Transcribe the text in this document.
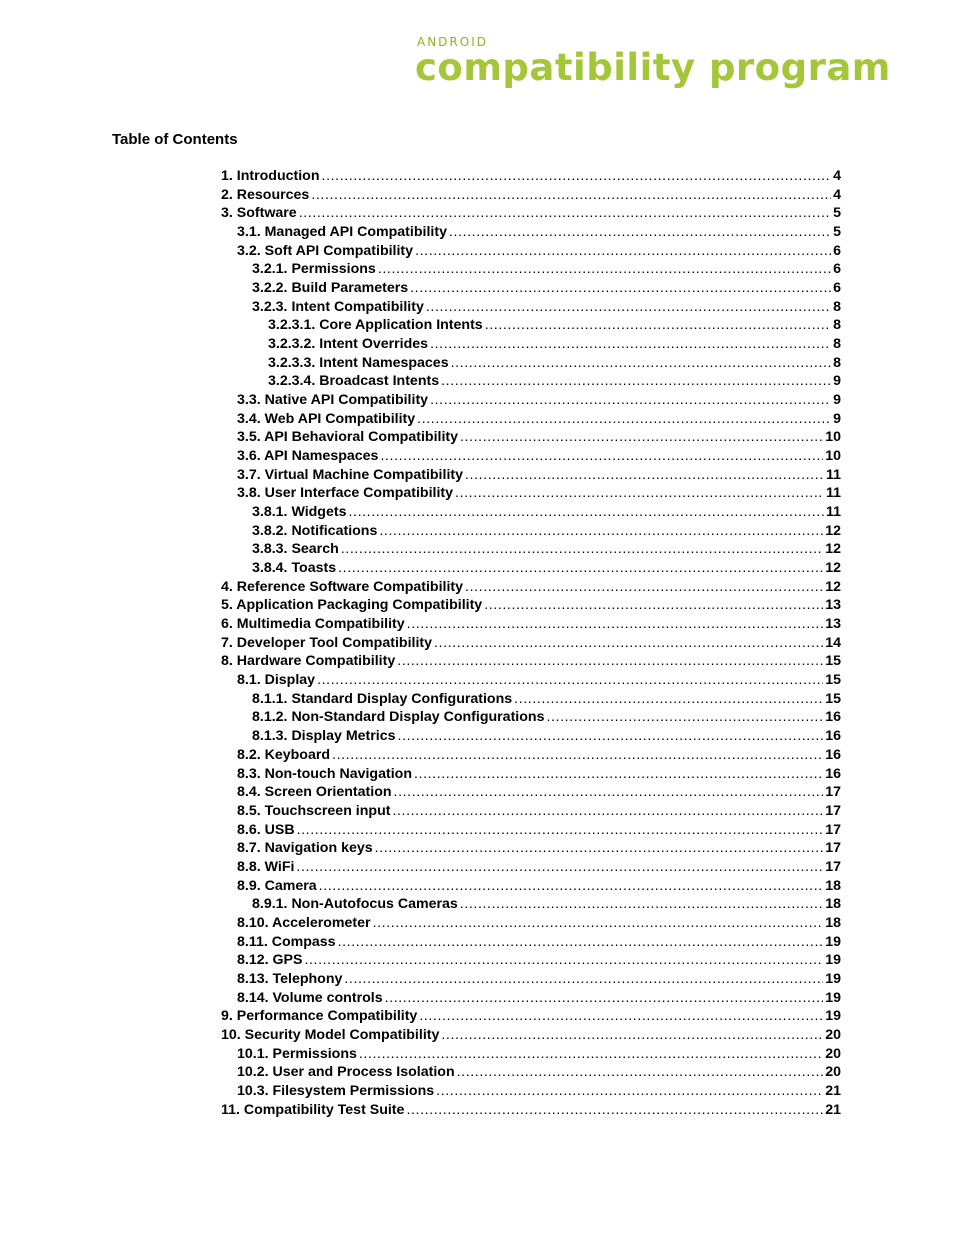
ANDROID
compatibility program
Table of Contents
1. Introduction .....	4
2. Resources .....	4
3. Software .....	5
3.1. Managed API Compatibility .....	5
3.2. Soft API Compatibility .....	6
3.2.1. Permissions .....	6
3.2.2. Build Parameters .....	6
3.2.3. Intent Compatibility .....	8
3.2.3.1. Core Application Intents .....	8
3.2.3.2. Intent Overrides .....	8
3.2.3.3. Intent Namespaces .....	8
3.2.3.4. Broadcast Intents .....	9
3.3. Native API Compatibility .....	9
3.4. Web API Compatibility .....	9
3.5. API Behavioral Compatibility .....	10
3.6. API Namespaces .....	10
3.7. Virtual Machine Compatibility .....	11
3.8. User Interface Compatibility .....	11
3.8.1. Widgets .....	11
3.8.2. Notifications .....	12
3.8.3. Search .....	12
3.8.4. Toasts .....	12
4. Reference Software Compatibility .....	12
5. Application Packaging Compatibility .....	13
6. Multimedia Compatibility .....	13
7. Developer Tool Compatibility .....	14
8. Hardware Compatibility .....	15
8.1. Display .....	15
8.1.1. Standard Display Configurations .....	15
8.1.2. Non-Standard Display Configurations .....	16
8.1.3. Display Metrics .....	16
8.2. Keyboard .....	16
8.3. Non-touch Navigation .....	16
8.4. Screen Orientation .....	17
8.5. Touchscreen input .....	17
8.6. USB .....	17
8.7. Navigation keys .....	17
8.8. WiFi .....	17
8.9. Camera .....	18
8.9.1. Non-Autofocus Cameras .....	18
8.10. Accelerometer .....	18
8.11. Compass .....	19
8.12. GPS .....	19
8.13. Telephony .....	19
8.14. Volume controls .....	19
9. Performance Compatibility .....	19
10. Security Model Compatibility .....	20
10.1. Permissions .....	20
10.2. User and Process Isolation .....	20
10.3. Filesystem Permissions .....	21
11. Compatibility Test Suite .....	21
